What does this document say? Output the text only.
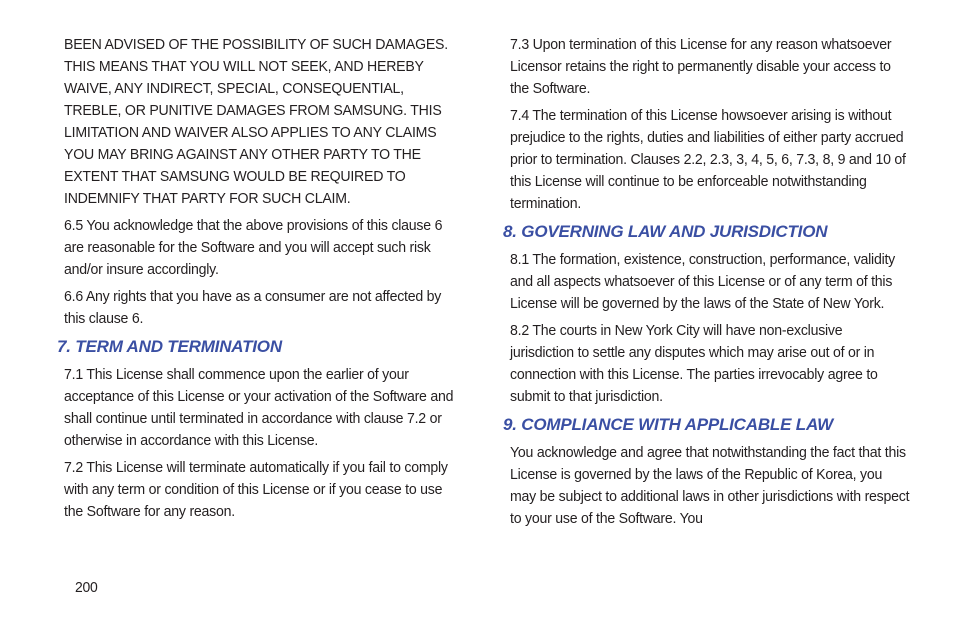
BEEN ADVISED OF THE POSSIBILITY OF SUCH DAMAGES. THIS MEANS THAT YOU WILL NOT SEEK, AND HEREBY WAIVE, ANY INDIRECT, SPECIAL, CONSEQUENTIAL, TREBLE, OR PUNITIVE DAMAGES FROM SAMSUNG. THIS LIMITATION AND WAIVER ALSO APPLIES TO ANY CLAIMS YOU MAY BRING AGAINST ANY OTHER PARTY TO THE EXTENT THAT SAMSUNG WOULD BE REQUIRED TO INDEMNIFY THAT PARTY FOR SUCH CLAIM.

6.5 You acknowledge that the above provisions of this clause 6 are reasonable for the Software and you will accept such risk and/or insure accordingly.

6.6 Any rights that you have as a consumer are not affected by this clause 6.

7. TERM AND TERMINATION

7.1 This License shall commence upon the earlier of your acceptance of this License or your activation of the Software and shall continue until terminated in accordance with clause 7.2 or otherwise in accordance with this License.

7.2 This License will terminate automatically if you fail to comply with any term or condition of this License or if you cease to use the Software for any reason.

7.3 Upon termination of this License for any reason whatsoever Licensor retains the right to permanently disable your access to the Software.

7.4 The termination of this License howsoever arising is without prejudice to the rights, duties and liabilities of either party accrued prior to termination. Clauses 2.2, 2.3, 3, 4, 5, 6, 7.3, 8, 9 and 10 of this License will continue to be enforceable notwithstanding termination.

8. GOVERNING LAW AND JURISDICTION

8.1 The formation, existence, construction, performance, validity and all aspects whatsoever of this License or of any term of this License will be governed by the laws of the State of New York.

8.2 The courts in New York City will have non-exclusive jurisdiction to settle any disputes which may arise out of or in connection with this License. The parties irrevocably agree to submit to that jurisdiction.

9. COMPLIANCE WITH APPLICABLE LAW

You acknowledge and agree that notwithstanding the fact that this License is governed by the laws of the Republic of Korea, you may be subject to additional laws in other jurisdictions with respect to your use of the Software. You

200
